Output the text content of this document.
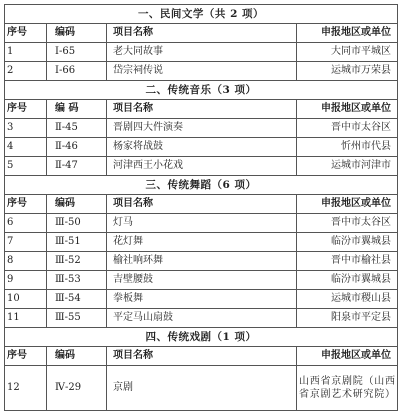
一、民间文学（共 2 项）			
序号	编码	项目名称	申报地区或单位
1	Ⅰ-65	老大同故事	大同市平城区
2	Ⅰ-66	岱宗祠传说	运城市万荣县
二、传统音乐（3 项）			
序号	编 码	项目名称	申报地区或单位
3	Ⅱ-45	晋剧四大件演奏	晋中市太谷区
4	Ⅱ-46	杨家将战鼓	忻州市代县
5	Ⅱ-47	河津西王小花戏	运城市河津市
三、传统舞蹈（6 项）			
序号	编码	项目名称	申报地区或单位
6	Ⅲ-50	灯马	晋中市太谷区
7	Ⅲ-51	花灯舞	临汾市翼城县
8	Ⅲ-52	榆社响环舞	晋中市榆社县
9	Ⅲ-53	吉壁腰鼓	临汾市翼城县
10	Ⅲ-54	拳板舞	运城市稷山县
11	Ⅲ-55	平定马山扇鼓	阳泉市平定县
四、传统戏剧（1 项）			
序号	编码	项目名称	申报地区或单位
12	Ⅳ-29	京剧	山西省京剧院（山西省京剧艺术研究院）
